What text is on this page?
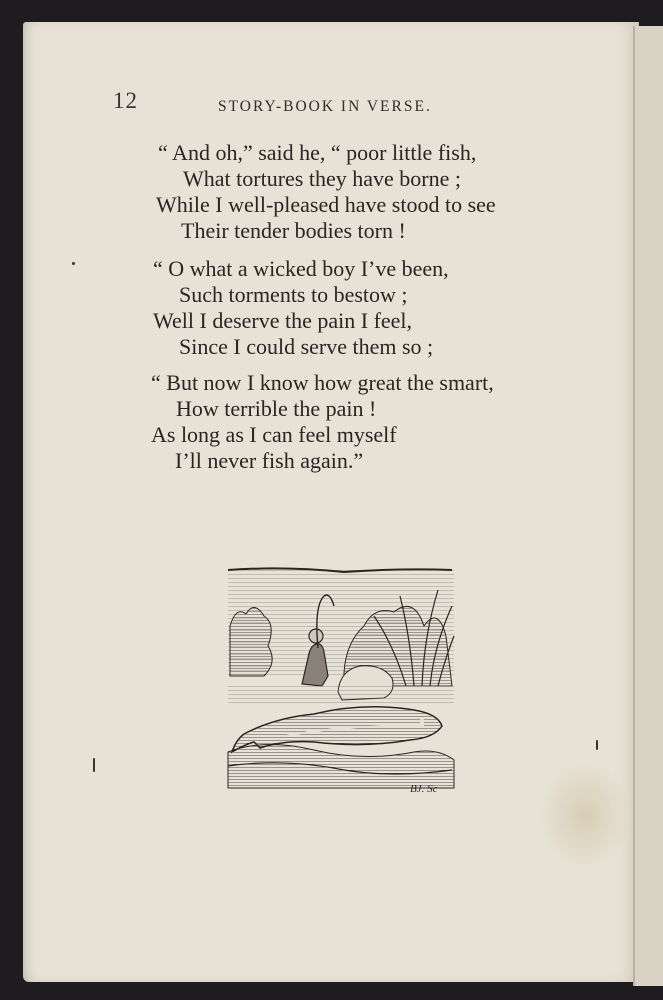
12	STORY-BOOK IN VERSE.
“ And oh,” said he, “ poor little fish,
What tortures they have borne ;
While I well-pleased have stood to see
Their tender bodies torn !
“ O what a wicked boy I’ve been,
Such torments to bestow ;
Well I deserve the pain I feel,
Since I could serve them so ;
“ But now I know how great the smart,
How terrible the pain !
As long as I can feel myself
I’ll never fish again.”
BJ. Sc
